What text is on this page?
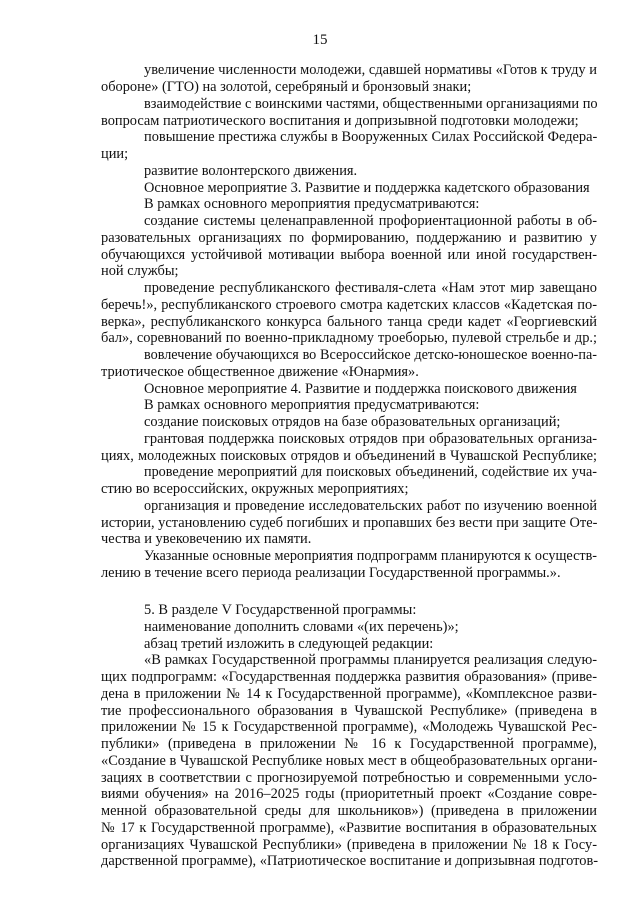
15
увеличение численности молодежи, сдавшей нормативы «Готов к труду и
обороне» (ГТО) на золотой, серебряный и бронзовый знаки;
взаимодействие с воинскими частями, общественными организациями по
вопросам патриотического воспитания и допризывной подготовки молодежи;
повышение престижа службы в Вооруженных Силах Российской Федера-
ции;
развитие волонтерского движения.
Основное мероприятие 3. Развитие и поддержка кадетского образования
В рамках основного мероприятия предусматриваются:
создание системы целенаправленной профориентационной работы в об-
разовательных организациях по формированию, поддержанию и развитию у
обучающихся устойчивой мотивации выбора военной или иной государствен-
ной службы;
проведение республиканского фестиваля-слета «Нам этот мир завещано
беречь!», республиканского строевого смотра кадетских классов «Кадетская по-
верка», республиканского конкурса бального танца среди кадет «Георгиевский
бал», соревнований по военно-прикладному троеборью, пулевой стрельбе и др.;
вовлечение обучающихся во Всероссийское детско-юношеское военно-па-
триотическое общественное движение «Юнармия».
Основное мероприятие 4. Развитие и поддержка поискового движения
В рамках основного мероприятия предусматриваются:
создание поисковых отрядов на базе образовательных организаций;
грантовая поддержка поисковых отрядов при образовательных организа-
циях, молодежных поисковых отрядов и объединений в Чувашской Республике;
проведение мероприятий для поисковых объединений, содействие их уча-
стию во всероссийских, окружных мероприятиях;
организация и проведение исследовательских работ по изучению военной
истории, установлению судеб погибших и пропавших без вести при защите Оте-
чества и увековечению их памяти.
Указанные основные мероприятия подпрограмм планируются к осуществ-
лению в течение всего периода реализации Государственной программы.».
5. В разделе V Государственной программы:
наименование дополнить словами «(их перечень)»;
абзац третий изложить в следующей редакции:
«В рамках Государственной программы планируется реализация следую-
щих подпрограмм: «Государственная поддержка развития образования» (приве-
дена в приложении № 14 к Государственной программе), «Комплексное разви-
тие профессионального образования в Чувашской Республике» (приведена в
приложении № 15 к Государственной программе), «Молодежь Чувашской Рес-
публики» (приведена в приложении № 16 к Государственной программе),
«Создание в Чувашской Республике новых мест в общеобразовательных органи-
зациях в соответствии с прогнозируемой потребностью и современными усло-
виями обучения» на 2016–2025 годы (приоритетный проект «Создание совре-
менной образовательной среды для школьников») (приведена в приложении
№ 17 к Государственной программе), «Развитие воспитания в образовательных
организациях Чувашской Республики» (приведена в приложении № 18 к Госу-
дарственной программе), «Патриотическое воспитание и допризывная подготов-
